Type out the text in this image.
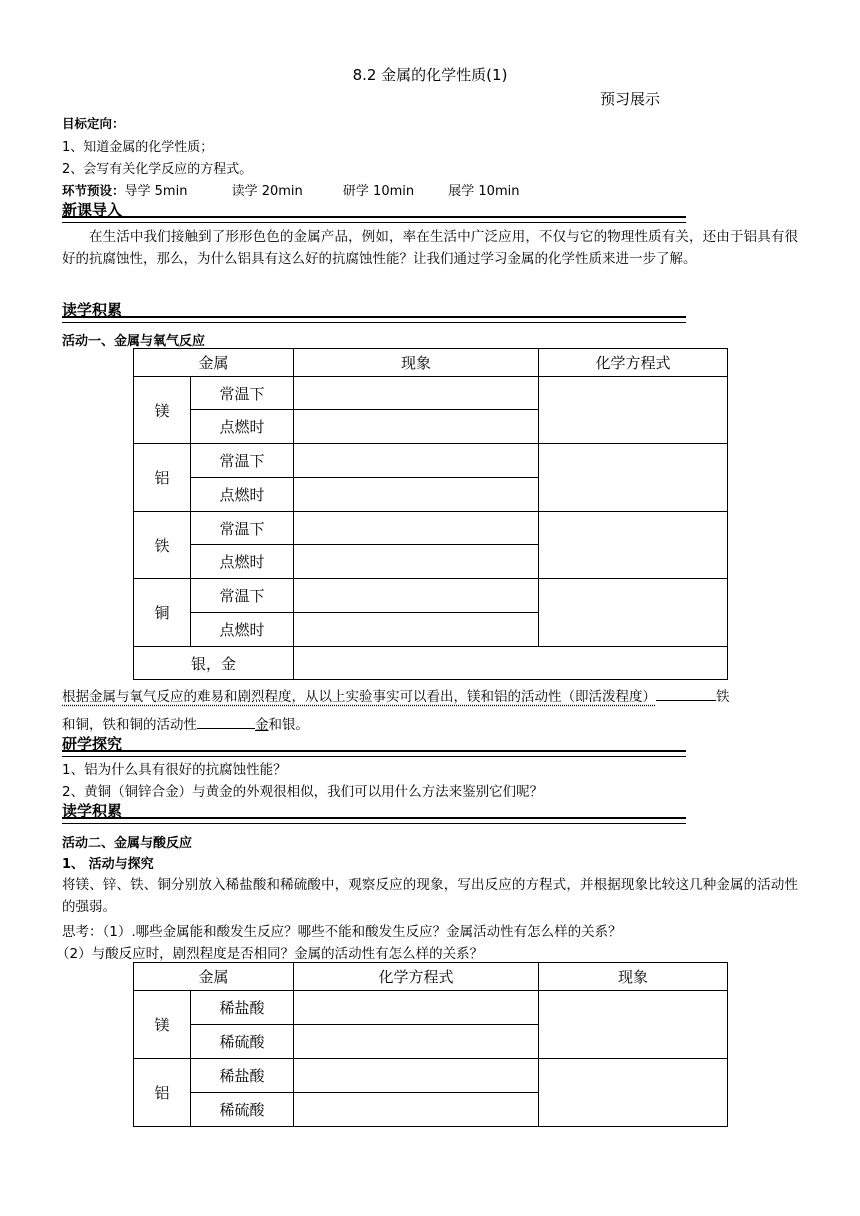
8.2 金属的化学性质(1)
预习展示
目标定向：
1、知道金属的化学性质；
2、会写有关化学反应的方程式。
环节预设：导学 5min	读学 20min	研学 10min	展学 10min
新课导入
在生活中我们接触到了形形色色的金属产品，例如，率在生活中广泛应用，不仅与它的物理性质有关，还由于铝具有很好的抗腐蚀性，那么，为什么铝具有这么好的抗腐蚀性能？让我们通过学习金属的化学性质来进一步了解。
读学积累
活动一、金属与氧气反应
金属		现象	化学方程式
镁	常温下		
	点燃时		
铝	常温下		
	点燃时		
铁	常温下		
	点燃时		
铜	常温下		
	点燃时		
银，金			
根据金属与氧气反应的难易和剧烈程度，从以上实验事实可以看出，镁和铝的活动性（即活泼程度）	铁
和铜，铁和铜的活动性	金和银。
研学探究
1、铝为什么具有很好的抗腐蚀性能？
2、黄铜（铜锌合金）与黄金的外观很相似，我们可以用什么方法来鉴别它们呢？
读学积累
活动二、金属与酸反应
1、 活动与探究
将镁、锌、铁、铜分别放入稀盐酸和稀硫酸中，观察反应的现象，写出反应的方程式，并根据现象比较这几种金属的活动性的强弱。
思考：（1）.哪些金属能和酸发生反应？哪些不能和酸发生反应？金属活动性有怎么样的关系？
（2）与酸反应时，剧烈程度是否相同？金属的活动性有怎么样的关系？
金属		化学方程式	现象
镁	稀盐酸		
	稀硫酸		
铝	稀盐酸		
	稀硫酸		
